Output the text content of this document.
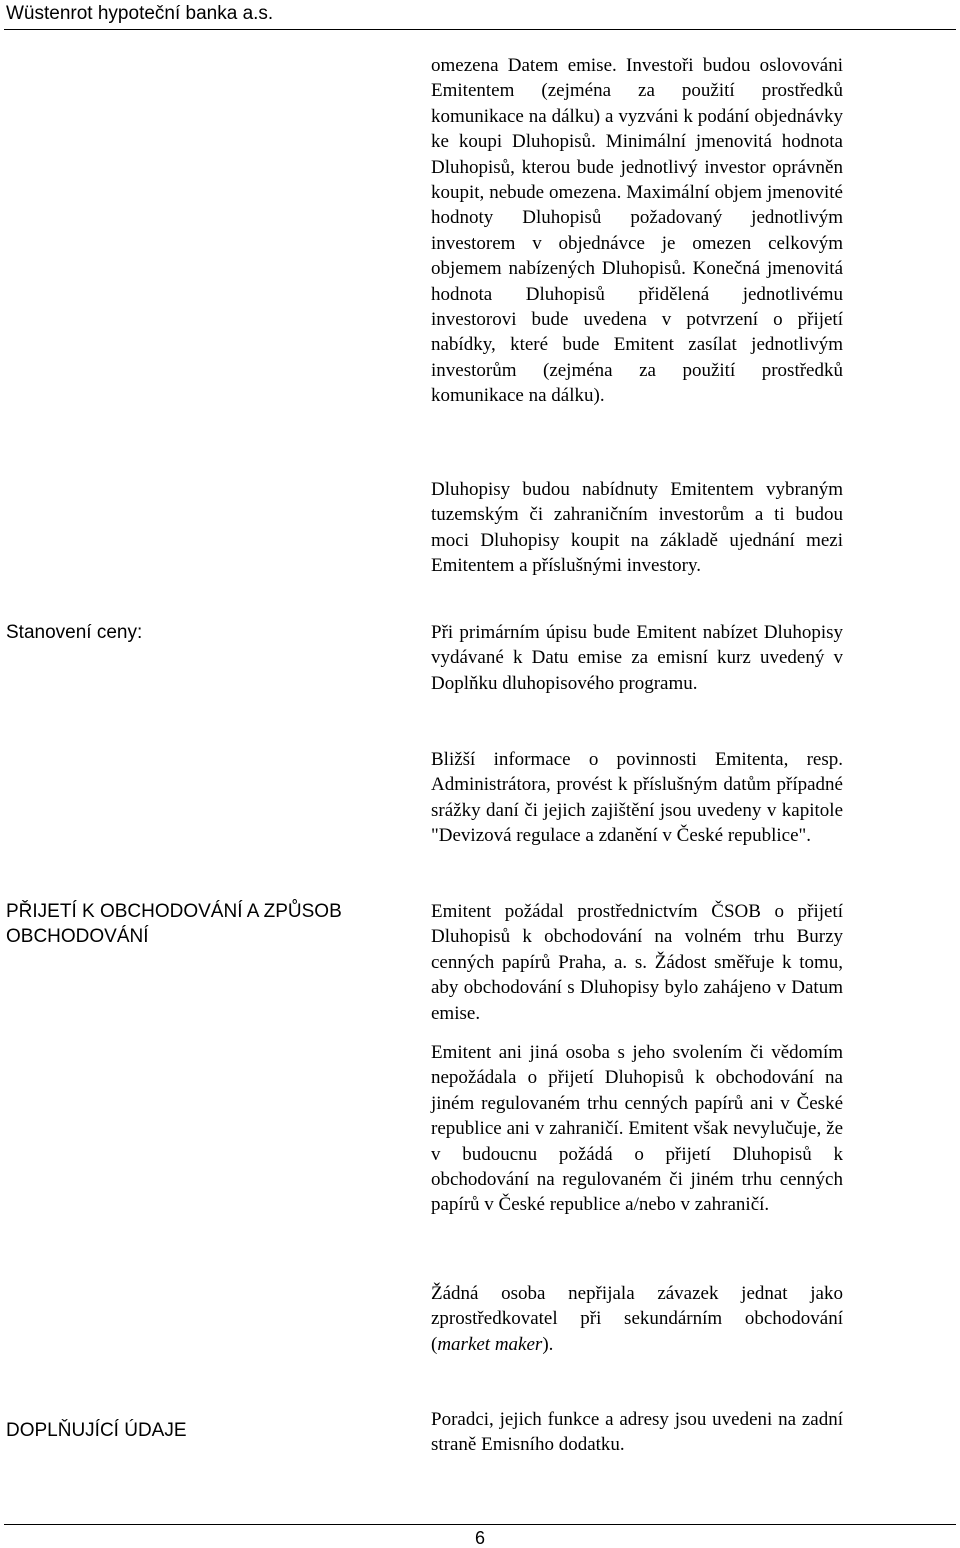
Wüstenrot hypoteční banka a.s.
omezena Datem emise. Investoři budou oslovováni Emitentem (zejména za použití prostředků komunikace na dálku) a vyzváni k podání objednávky ke koupi Dluhopisů. Minimální jmenovitá hodnota Dluhopisů, kterou bude jednotlivý investor oprávněn koupit, nebude omezena. Maximální objem jmenovité hodnoty Dluhopisů požadovaný jednotlivým investorem v objednávce je omezen celkovým objemem nabízených Dluhopisů. Konečná jmenovitá hodnota Dluhopisů přidělená jednotlivému investorovi bude uvedena v potvrzení o přijetí nabídky, které bude Emitent zasílat jednotlivým investorům (zejména za použití prostředků komunikace na dálku).
Dluhopisy budou nabídnuty Emitentem vybraným tuzemským či zahraničním investorům a ti budou moci Dluhopisy koupit na základě ujednání mezi Emitentem a příslušnými investory.
Stanovení ceny:	Při primárním úpisu bude Emitent nabízet Dluhopisy vydávané k Datu emise za emisní kurz uvedený v Doplňku dluhopisového programu.
Bližší informace o povinnosti Emitenta, resp. Administrátora, provést k příslušným datům případné srážky daní či jejich zajištění jsou uvedeny v kapitole "Devizová regulace a zdanění v České republice".
PŘIJETÍ K OBCHODOVÁNÍ A ZPŮSOB OBCHODOVÁNÍ
Emitent požádal prostřednictvím ČSOB o přijetí Dluhopisů k obchodování na volném trhu Burzy cenných papírů Praha, a. s. Žádost směřuje k tomu, aby obchodování s Dluhopisy bylo zahájeno v Datum emise.
Emitent ani jiná osoba s jeho svolením či vědomím nepožádala o přijetí Dluhopisů k obchodování na jiném regulovaném trhu cenných papírů ani v České republice ani v zahraničí. Emitent však nevylučuje, že v budoucnu požádá o přijetí Dluhopisů k obchodování na regulovaném či jiném trhu cenných papírů v České republice a/nebo v zahraničí.
Žádná osoba nepřijala závazek jednat jako zprostředkovatel při sekundárním obchodování (market maker).
DOPLŇUJÍCÍ ÚDAJE
Poradci, jejich funkce a adresy jsou uvedeni na zadní straně Emisního dodatku.
6
